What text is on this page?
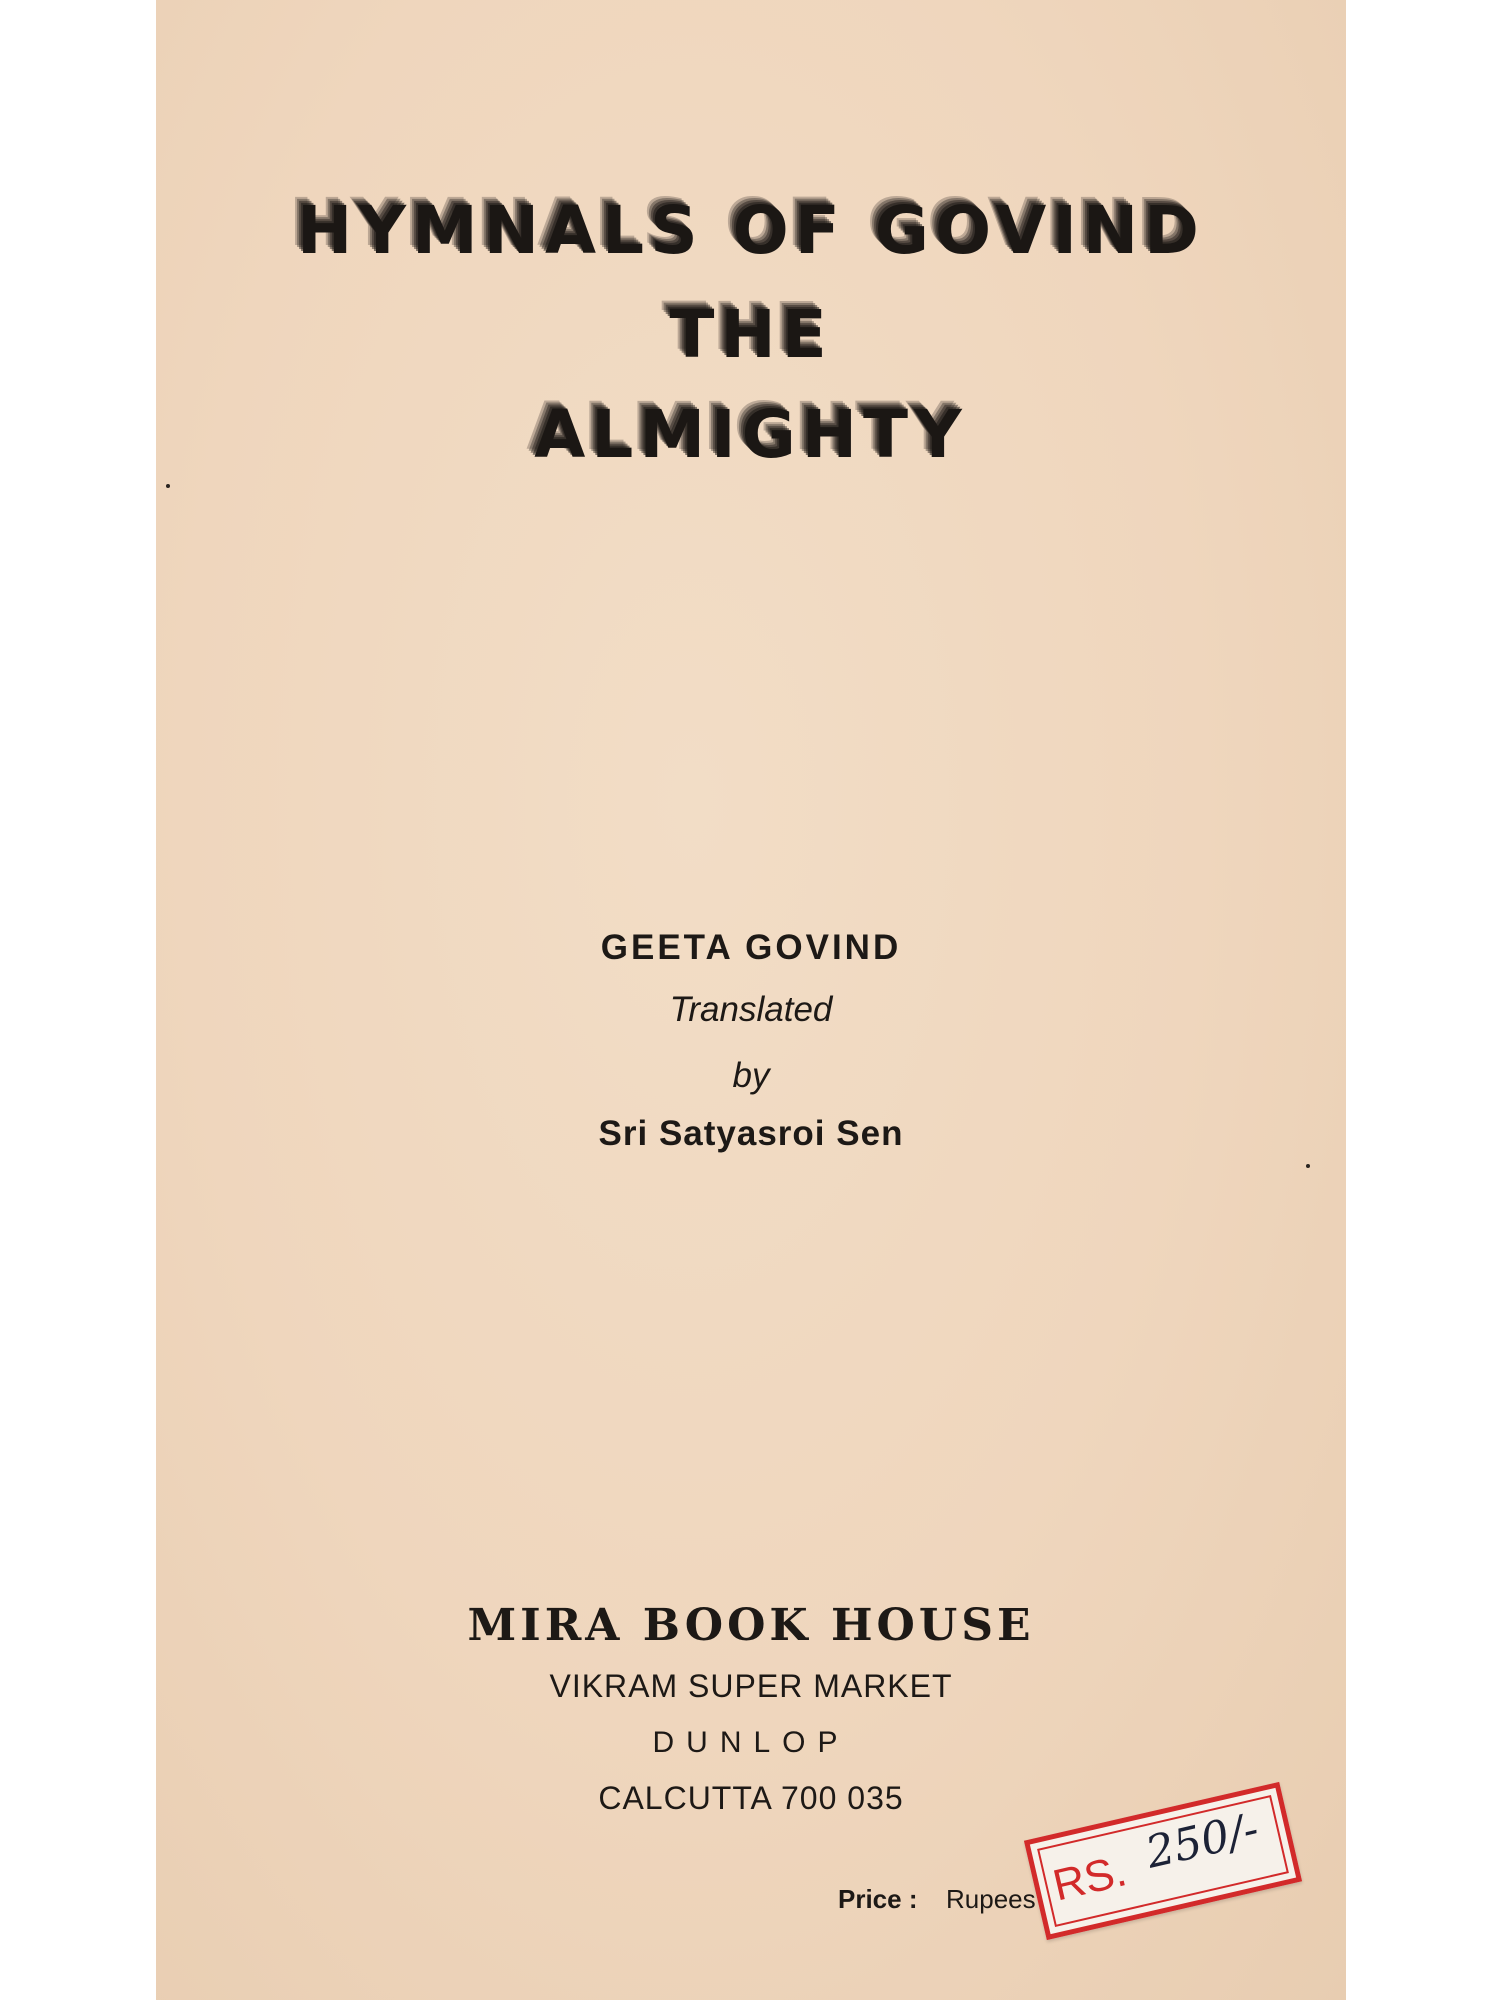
HYMNALS OF GOVIND
THE
ALMIGHTY
GEETA GOVIND
Translated
by
Sri Satyasroi Sen
MIRA BOOK HOUSE
VIKRAM SUPER MARKET
DUNLOP
CALCUTTA 700 035
Price : Rupees RS. 250/-
